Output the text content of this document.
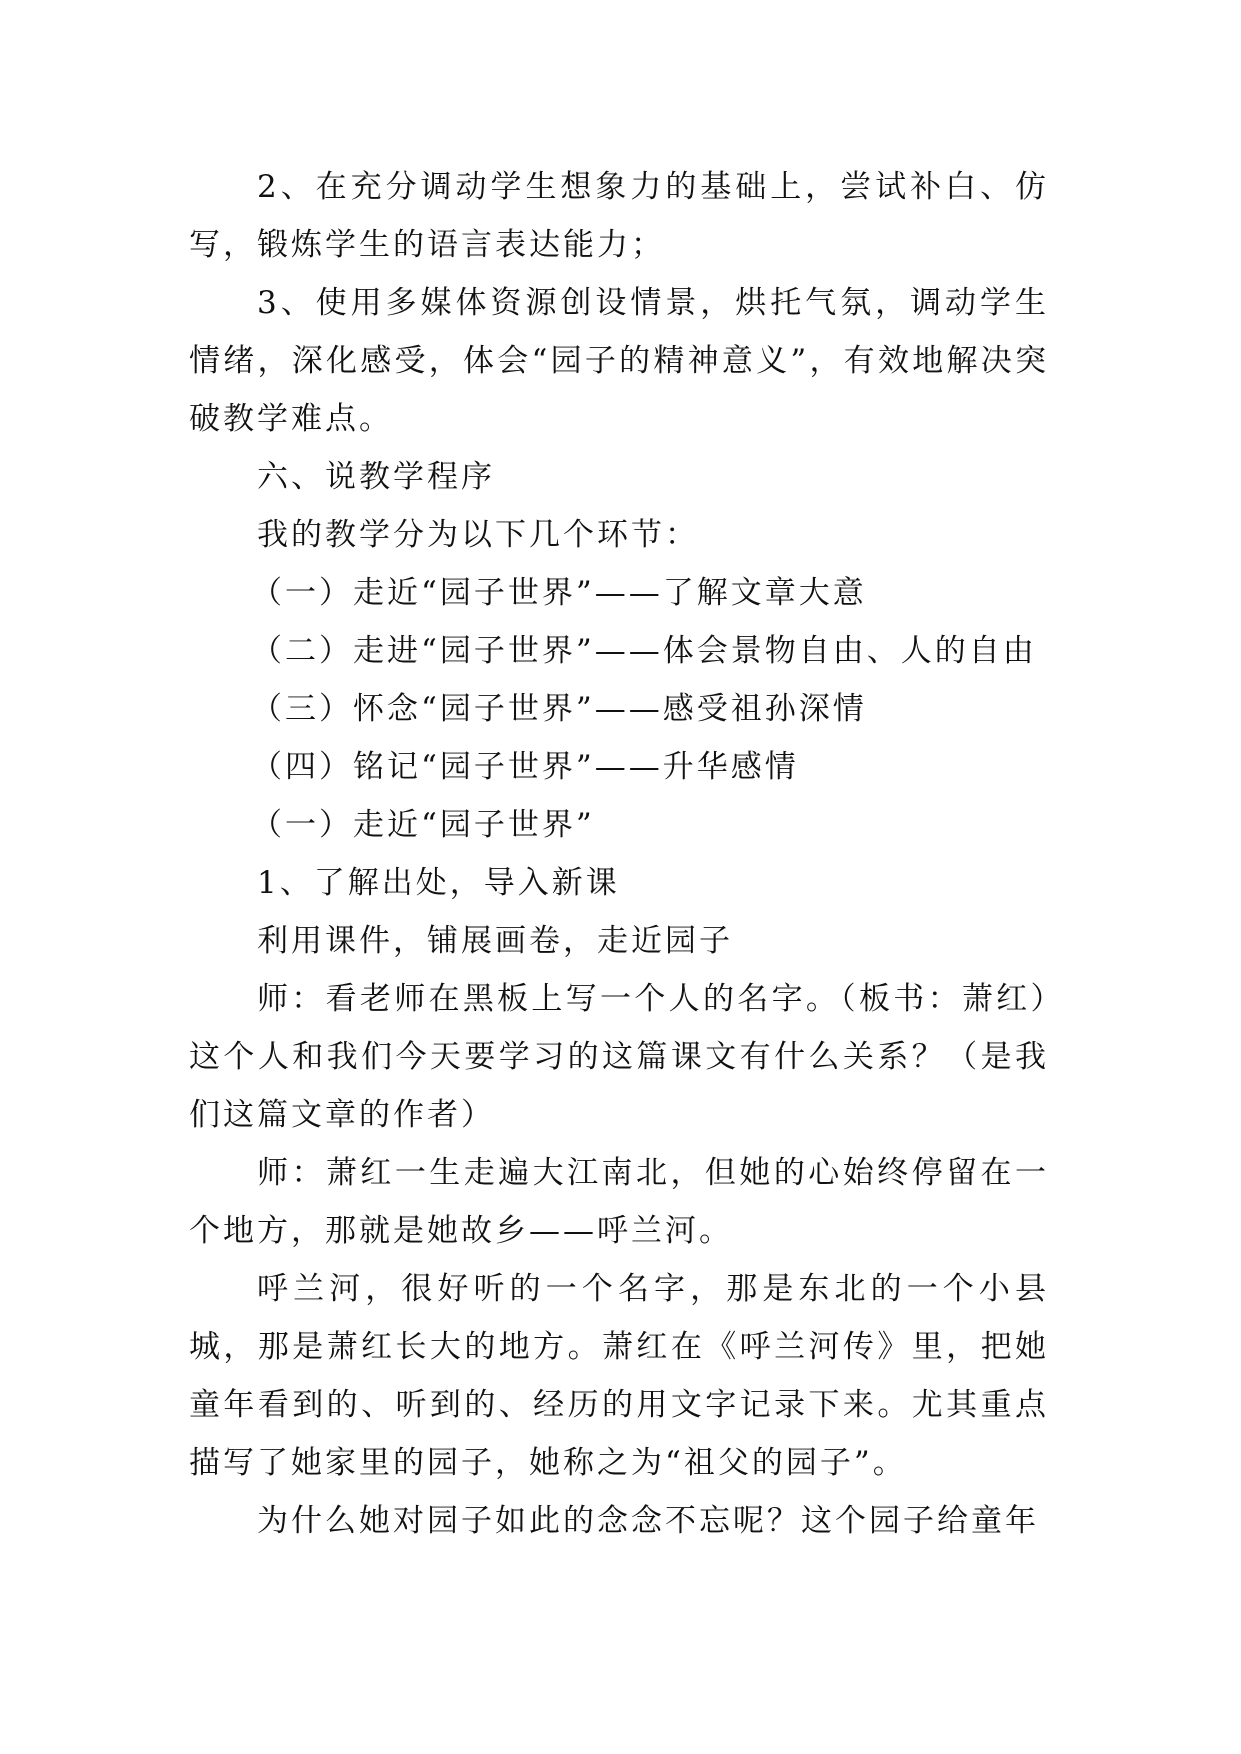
2、在充分调动学生想象力的基础上，尝试补白、仿写，锻炼学生的语言表达能力；

3、使用多媒体资源创设情景，烘托气氛，调动学生情绪，深化感受，体会“园子的精神意义”，有效地解决突破教学难点。

六、说教学程序

我的教学分为以下几个环节：

（一）走近“园子世界”——了解文章大意

（二）走进“园子世界”——体会景物自由、人的自由

（三）怀念“园子世界”——感受祖孙深情

（四）铭记“园子世界”——升华感情

（一）走近“园子世界”

1、了解出处，导入新课

利用课件，铺展画卷，走近园子

师：看老师在黑板上写一个人的名字。（板书：萧红）这个人和我们今天要学习的这篇课文有什么关系？（是我们这篇文章的作者）

师：萧红一生走遍大江南北，但她的心始终停留在一个地方，那就是她故乡——呼兰河。

呼兰河，很好听的一个名字，那是东北的一个小县城，那是萧红长大的地方。萧红在《呼兰河传》里，把她童年看到的、听到的、经历的用文字记录下来。尤其重点描写了她家里的园子，她称之为“祖父的园子”。

为什么她对园子如此的念念不忘呢？这个园子给童年
